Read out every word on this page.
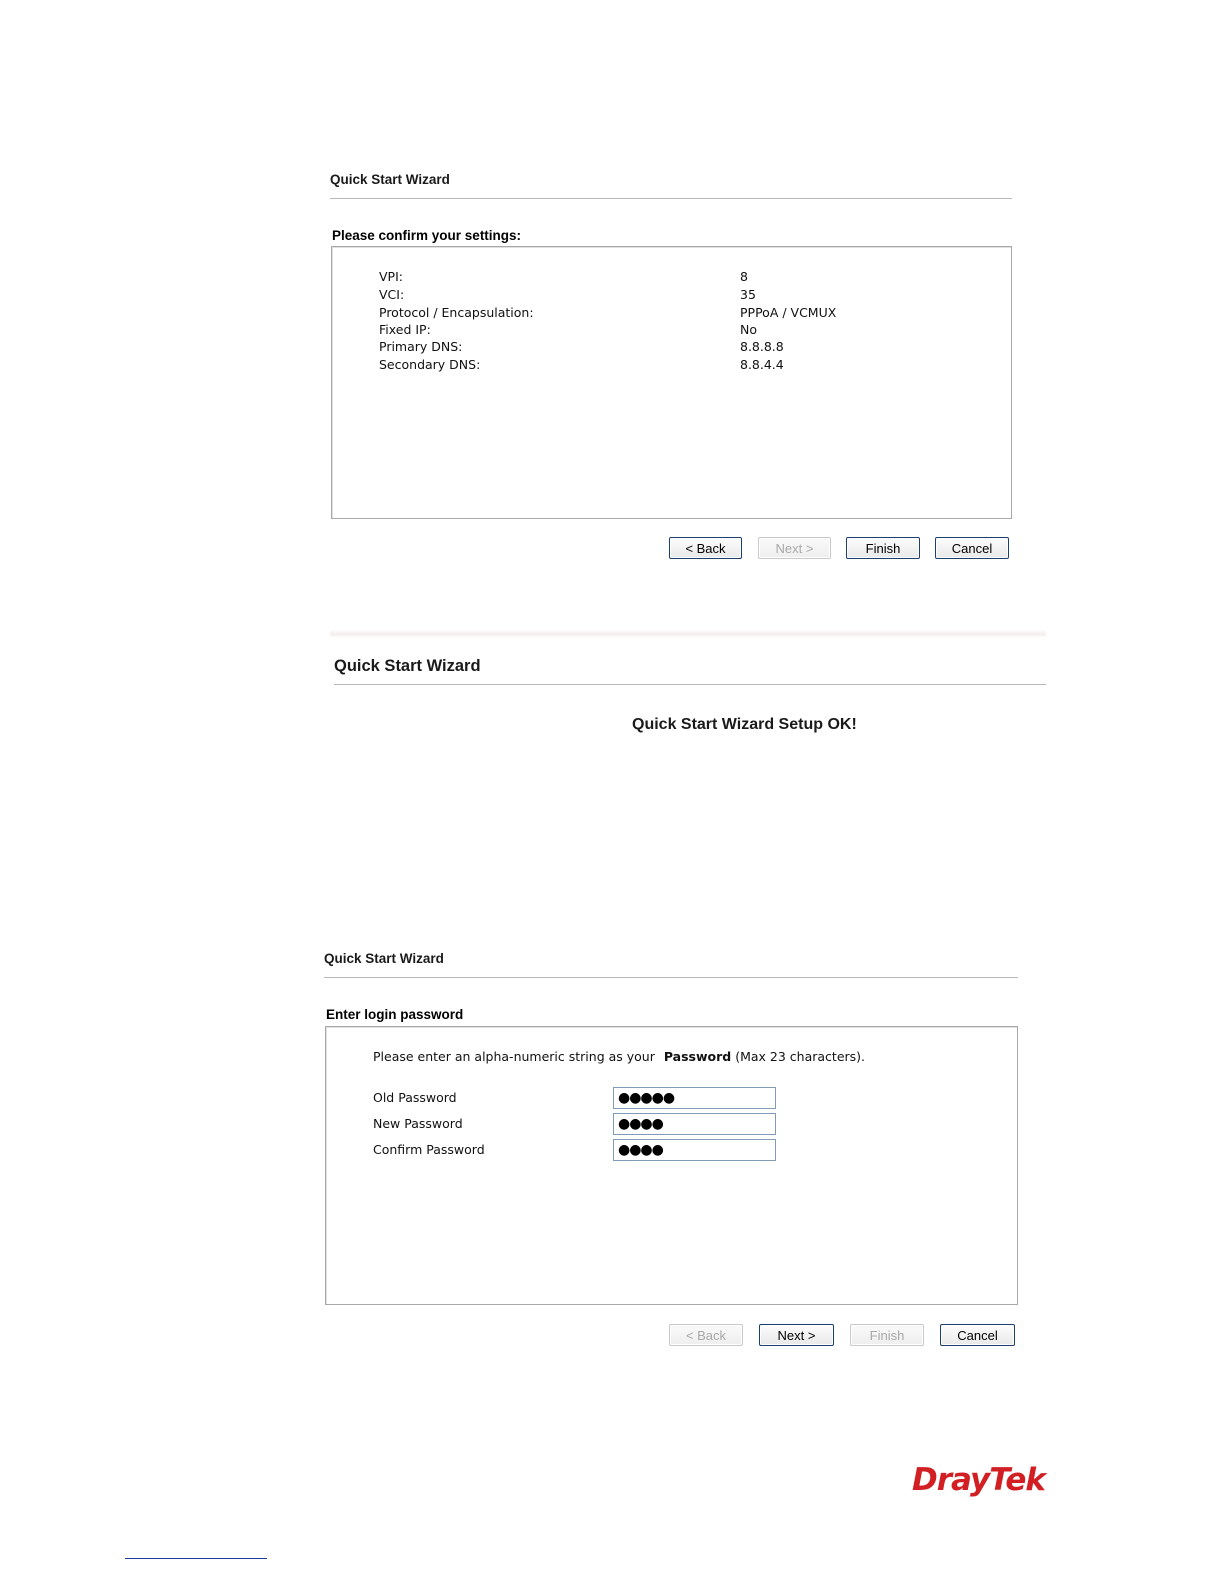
Quick Start Wizard
Please confirm your settings:
VPI:	8
VCI:	35
Protocol / Encapsulation:	PPPoA / VCMUX
Fixed IP:	No
Primary DNS:	8.8.8.8
Secondary DNS:	8.8.4.4
< Back	Next >	Finish	Cancel
Quick Start Wizard
Quick Start Wizard Setup OK!
Quick Start Wizard
Enter login password
Please enter an alpha-numeric string as your Password (Max 23 characters).
Old Password	●●●●●
New Password	●●●●
Confirm Password	●●●●
< Back	Next >	Finish	Cancel
DrayTek
